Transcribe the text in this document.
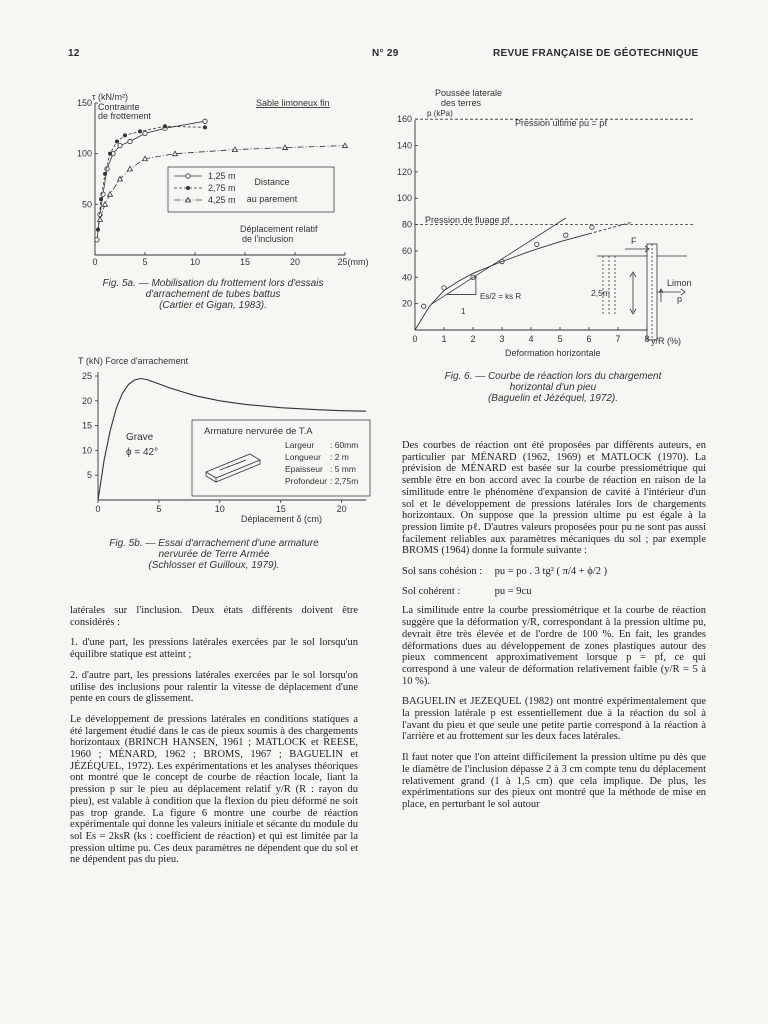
12	N° 29	REVUE FRANÇAISE DE GÉOTECHNIQUE
τ (kN/m²)
Contrainte
de frottement
Sable limoneux fin
Distance
au parement
Déplacement relatif
de l'inclusion
0	5	10	15	20	25(mm)
50
100
150
1,25 m
2,75 m
4,25 m
Fig. 5a. — Mobilisation du frottement lors d'essais
d'arrachement de tubes battus
(Cartier et Gigan, 1983).
T (kN) Force d'arrachement
Grave
ϕ = 42°
Armature nervurée de T.A
Largeur : 60mm
Longueur : 2 m
Epaisseur : 5 mm
Profondeur : 2,75m
Déplacement δ (cm)
0	5	10	15	20
5
10
15
20
25
Fig. 5b. — Essai d'arrachement d'une armature
nervurée de Terre Armée
(Schlosser et Guilloux, 1979).
Poussée laterale
des terres
p (kPa)
Pression ultime pu = pℓ
Pression de fluage pf
Es/2 = ks R
1
F
2,5m
Limon
p
y/R (%)
Deformation horizontale
0	1	2	3	4	5	6	7	8
20
40
60
80
100
120
140
160
Fig. 6. — Courbe de réaction lors du chargement
horizontal d'un pieu
(Baguelin et Jézéquel, 1972).

latérales sur l'inclusion. Deux états différents doivent être considérés :

1. d'une part, les pressions latérales exercées par le sol lorsqu'un équilibre statique est atteint ;

2. d'autre part, les pressions latérales exercées par le sol lorsqu'on utilise des inclusions pour ralentir la vitesse de déplacement d'une pente en cours de glissement.

Le développement de pressions latérales en conditions statiques a été largement étudié dans le cas de pieux soumis à des chargements horizontaux (BRINCH HANSEN, 1961 ; MATLOCK et REESE, 1960 ; MÉNARD, 1962 ; BROMS, 1967 ; BAGUELIN et JÉZÉQUEL, 1972). Les expérimentations et les analyses théoriques ont montré que le concept de courbe de réaction locale, liant la pression p sur le pieu au déplacement relatif y/R (R : rayon du pieu), est valable à condition que la flexion du pieu déformé ne soit pas trop grande. La figure 6 montre une courbe de réaction expérimentale qui donne les valeurs initiale et sécante du module du sol Es = 2ksR (ks : coefficient de réaction) et qui est limitée par la pression ultime pu. Ces deux paramètres ne dépendent que du sol et ne dépendent pas du pieu.

Des courbes de réaction ont été proposées par différents auteurs, en particulier par MÉNARD (1962, 1969) et MATLOCK (1970). La prévision de MÉNARD est basée sur la courbe pressiométrique qui semble être en bon accord avec la courbe de réaction en raison de la similitude entre le phénomène d'expansion de cavité à l'intérieur d'un sol et le développement de pressions latérales lors de chargements horizontaux. On suppose que la pression ultime pu est égale à la pression limite pℓ. D'autres valeurs proposées pour pu ne sont pas aussi facilement reliables aux paramètres mécaniques du sol ; par exemple BROMS (1964) donne la formule suivante :

Sol sans cohésion : pu = po . 3 tg² ( π/4 + ϕ/2 )
Sol cohérent :	pu = 9cu

La similitude entre la courbe pressiométrique et la courbe de réaction suggère que la déformation y/R, correspondant à la pression ultime pu, devrait être très élevée et de l'ordre de 100 %. En fait, les grandes déformations dues au développement de zones plastiques autour des pieux commencent approximativement lorsque p = pf, ce qui correspond à une valeur de déformation relativement faible (y/R = 5 à 10 %).

BAGUELIN et JEZEQUEL (1982) ont montré expérimentalement que la pression latérale p est essentiellement due à la réaction du sol à l'avant du pieu et que seule une petite partie correspond à la réaction à l'arrière et au frottement sur les deux faces latérales.

Il faut noter que l'on atteint difficilement la pression ultime pu dès que le diamètre de l'inclusion dépasse 2 à 3 cm compte tenu du déplacement relativement grand (1 à 1,5 cm) que cela implique. De plus, les expérimentations sur des pieux ont montré que la méthode de mise en place, en perturbant le sol autour
